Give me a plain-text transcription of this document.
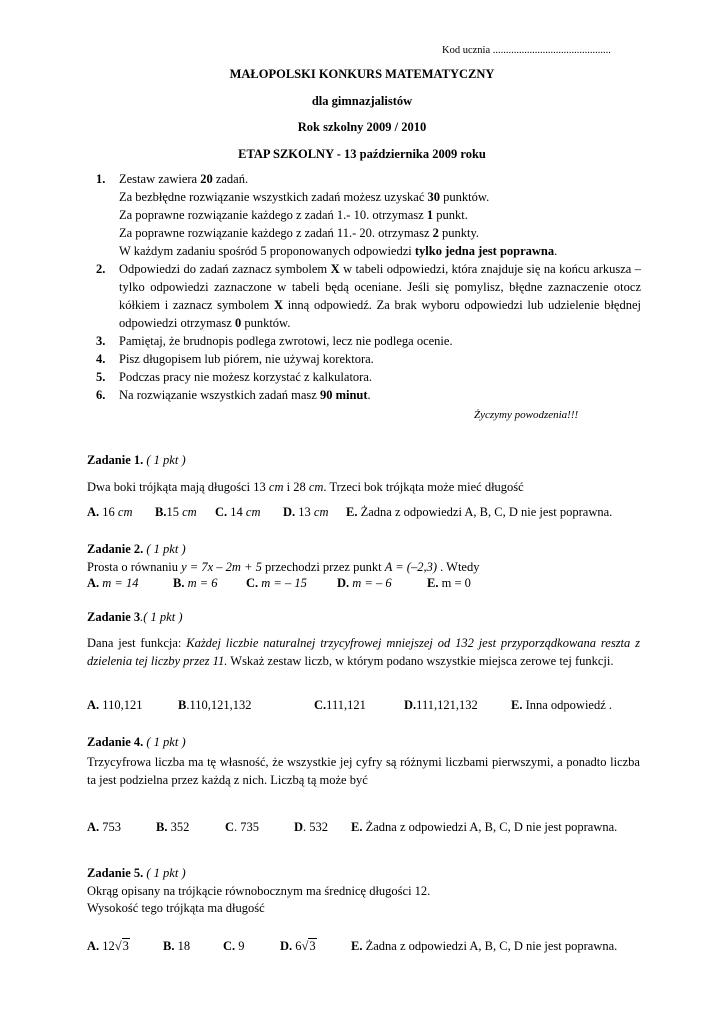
Kod ucznia .............................................
MAŁOPOLSKI KONKURS MATEMATYCZNY
dla gimnazjalistów
Rok szkolny 2009 / 2010
ETAP SZKOLNY - 13 października 2009 roku
1.	Zestaw zawiera 20 zadań.
Za bezbłędne rozwiązanie wszystkich zadań możesz uzyskać 30 punktów.
Za poprawne rozwiązanie każdego z zadań 1.- 10. otrzymasz 1 punkt.
Za poprawne rozwiązanie każdego z zadań 11.- 20. otrzymasz 2 punkty.
W każdym zadaniu spośród 5 proponowanych odpowiedzi tylko jedna jest poprawna.
2.	Odpowiedzi do zadań zaznacz symbolem X w tabeli odpowiedzi, która znajduje się na końcu arkusza – tylko odpowiedzi zaznaczone w tabeli będą oceniane. Jeśli się pomylisz, błędne zaznaczenie otocz kółkiem i zaznacz symbolem X inną odpowiedź. Za brak wyboru odpowiedzi lub udzielenie błędnej odpowiedzi otrzymasz 0 punktów.
3.	Pamiętaj, że brudnopis podlega zwrotowi, lecz nie podlega ocenie.
4.	Pisz długopisem lub piórem, nie używaj korektora.
5.	Podczas pracy nie możesz korzystać z kalkulatora.
6.	Na rozwiązanie wszystkich zadań masz 90 minut.
Życzymy powodzenia!!!
Zadanie 1. ( 1 pkt )
Dwa boki trójkąta mają długości 13 cm i 28 cm. Trzeci bok trójkąta może mieć długość
A. 16 cm B.15 cm C. 14 cm D. 13 cm E. Żadna z odpowiedzi A, B, C, D nie jest poprawna.
Zadanie 2. ( 1 pkt )
Prosta o równaniu y = 7x – 2m + 5 przechodzi przez punkt A = (–2,3) . Wtedy
A. m = 14	B. m = 6 C. m = – 15 D. m = – 6	E. m = 0
Zadanie 3.( 1 pkt )
Dana jest funkcja: Każdej liczbie naturalnej trzycyfrowej mniejszej od 132 jest przyporządkowana reszta z dzielenia tej liczby przez 11. Wskaż zestaw liczb, w którym podano wszystkie miejsca zerowe tej funkcji.
A. 110,121	B.110,121,132	C.111,121	D.111,121,132	E. Inna odpowiedź .
Zadanie 4. ( 1 pkt )
Trzycyfrowa liczba ma tę własność, że wszystkie jej cyfry są różnymi liczbami pierwszymi, a ponadto liczba ta jest podzielna przez każdą z nich. Liczbą tą może być
A. 753	B. 352	C. 735	D. 532 E. Żadna z odpowiedzi A, B, C, D nie jest poprawna.
Zadanie 5. ( 1 pkt )
Okrąg opisany na trójkącie równobocznym ma średnicę długości 12.
Wysokość tego trójkąta ma długość
A. 12√3	B. 18	C. 9	D. 6√3	E. Żadna z odpowiedzi A, B, C, D nie jest poprawna.
